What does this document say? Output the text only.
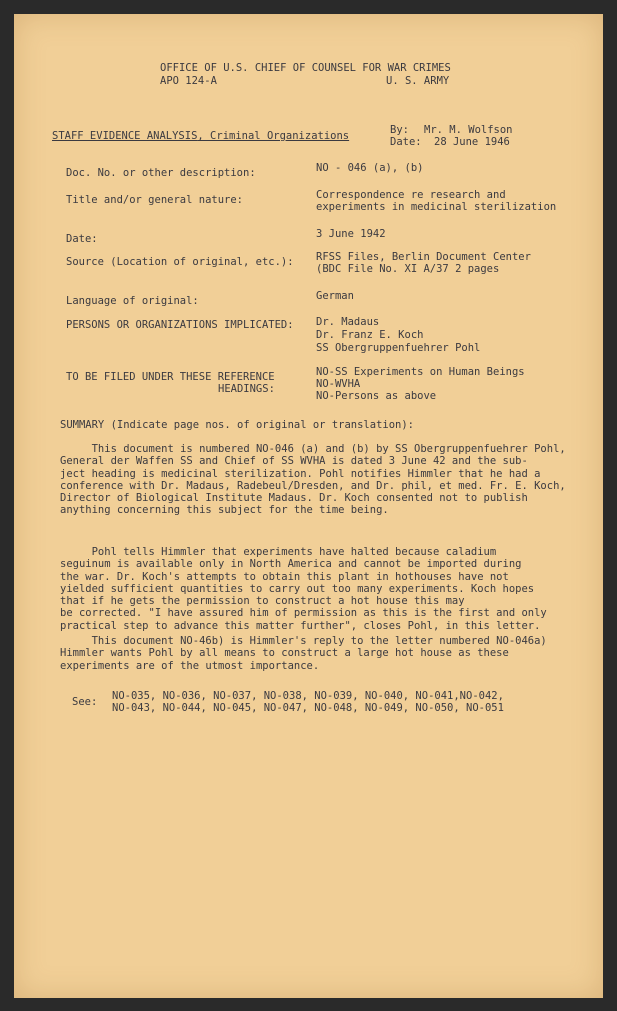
OFFICE OF U.S. CHIEF OF COUNSEL FOR WAR CRIMES
APO 124-A	U. S. ARMY
STAFF EVIDENCE ANALYSIS, Criminal Organizations	By: Mr. M. Wolfson
Date: 28 June 1946
Doc. No. or other description:	NO - 046 (a), (b)
Title and/or general nature:	Correspondence re research and
experiments in medicinal sterilization
Date:	3 June 1942
Source (Location of original, etc.): RFSS Files, Berlin Document Center
(BDC File No. XI A/37 2 pages
Language of original:	German
PERSONS OR ORGANIZATIONS IMPLICATED: Dr. Madaus
Dr. Franz E. Koch
SS Obergruppenfuehrer Pohl
TO BE FILED UNDER THESE REFERENCE
HEADINGS:
NO-SS Experiments on Human Beings
NO-WVHA
NO-Persons as above
SUMMARY (Indicate page nos. of original or translation):
This document is numbered NO-046 (a) and (b) by SS Obergruppenfuehrer Pohl,
General der Waffen SS and Chief of SS WVHA is dated 3 June 42 and the sub-
ject heading is medicinal sterilization. Pohl notifies Himmler that he had a
conference with Dr. Madaus, Radebeul/Dresden, and Dr. phil, et med. Fr. E. Koch,
Director of Biological Institute Madaus. Dr. Koch consented not to publish
anything concerning this subject for the time being.
Pohl tells Himmler that experiments have halted because caladium
seguinum is available only in North America and cannot be imported during
the war. Dr. Koch's attempts to obtain this plant in hothouses have not
yielded sufficient quantities to carry out too many experiments. Koch hopes
that if he gets the permission to construct a hot house this may
be corrected. "I have assured him of permission as this is the first and only
practical step to advance this matter further", closes Pohl, in this letter.
This document NO-46b) is Himmler's reply to the letter numbered NO-046a)
Himmler wants Pohl by all means to construct a large hot house as these
experiments are of the utmost importance.
See: NO-035, NO-036, NO-037, NO-038, NO-039, NO-040, NO-041,NO-042,
NO-043, NO-044, NO-045, NO-047, NO-048, NO-049, NO-050, NO-051
